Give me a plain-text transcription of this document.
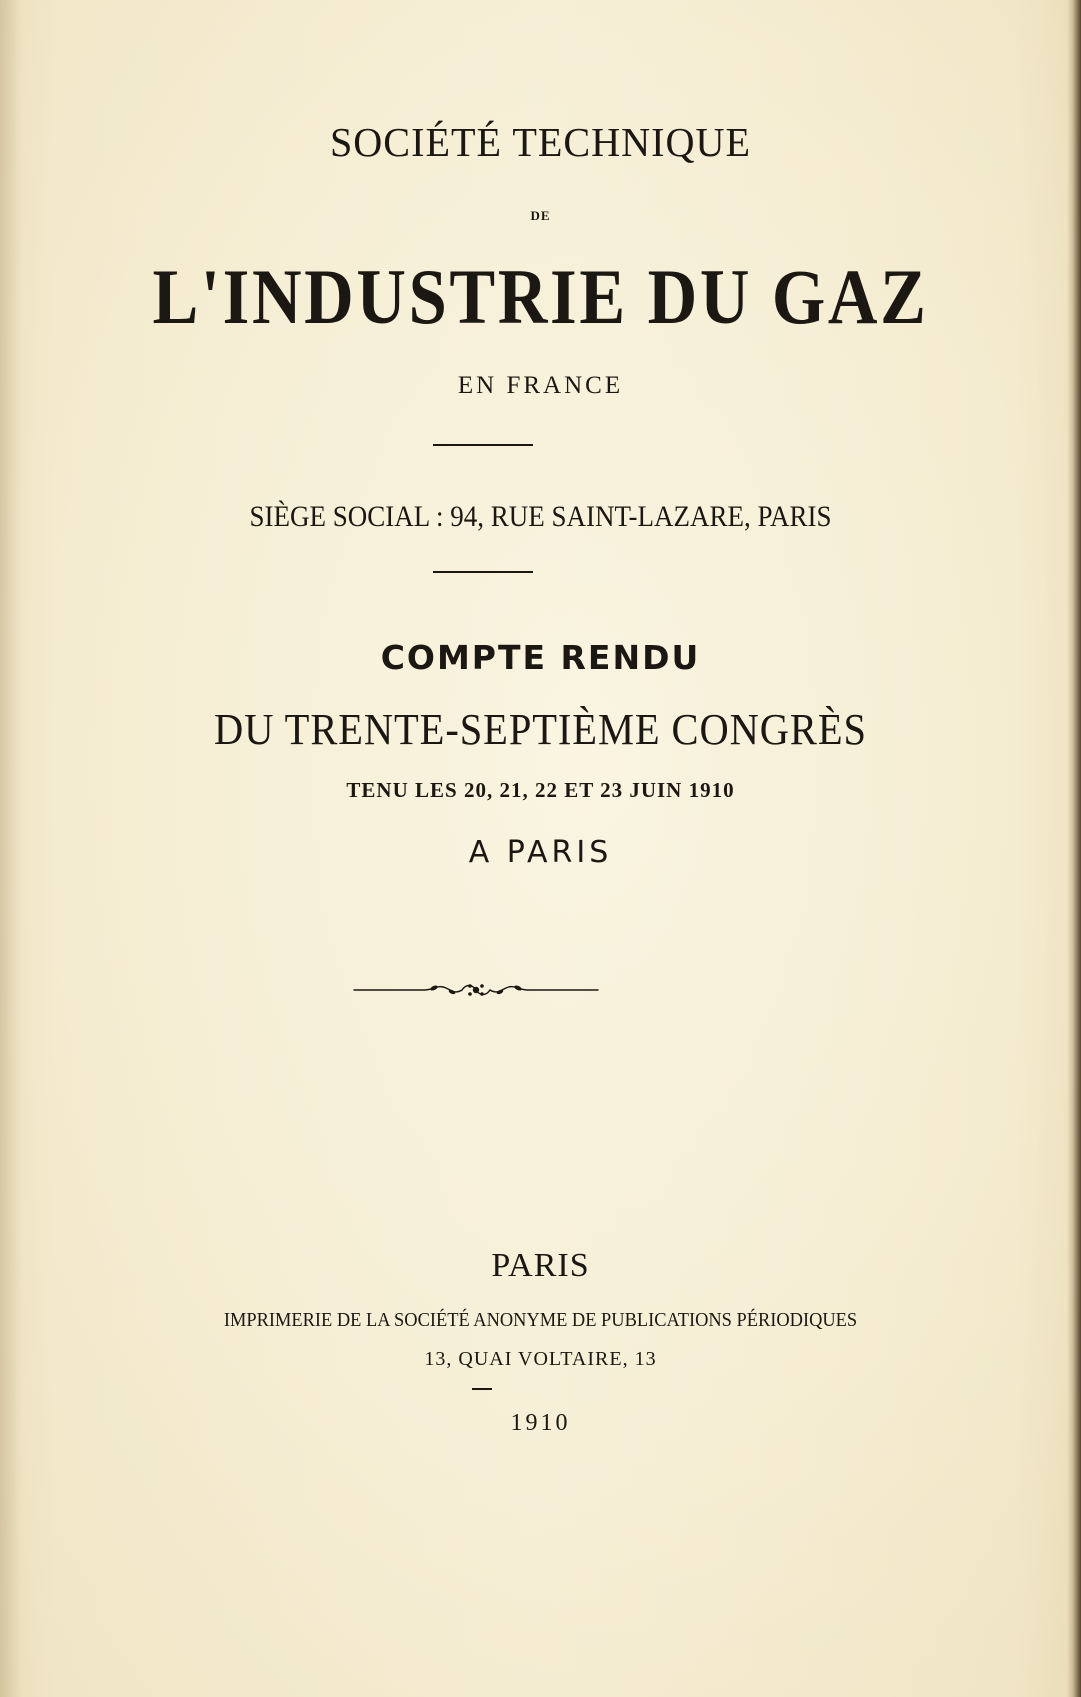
SOCIÉTÉ TECHNIQUE
DE
L'INDUSTRIE DU GAZ
EN FRANCE
SIÈGE SOCIAL : 94, RUE SAINT-LAZARE, PARIS
COMPTE RENDU
DU TRENTE-SEPTIÈME CONGRÈS
TENU LES 20, 21, 22 ET 23 JUIN 1910
A PARIS
PARIS
IMPRIMERIE DE LA SOCIÉTÉ ANONYME DE PUBLICATIONS PÉRIODIQUES
13, QUAI VOLTAIRE, 13
1910
